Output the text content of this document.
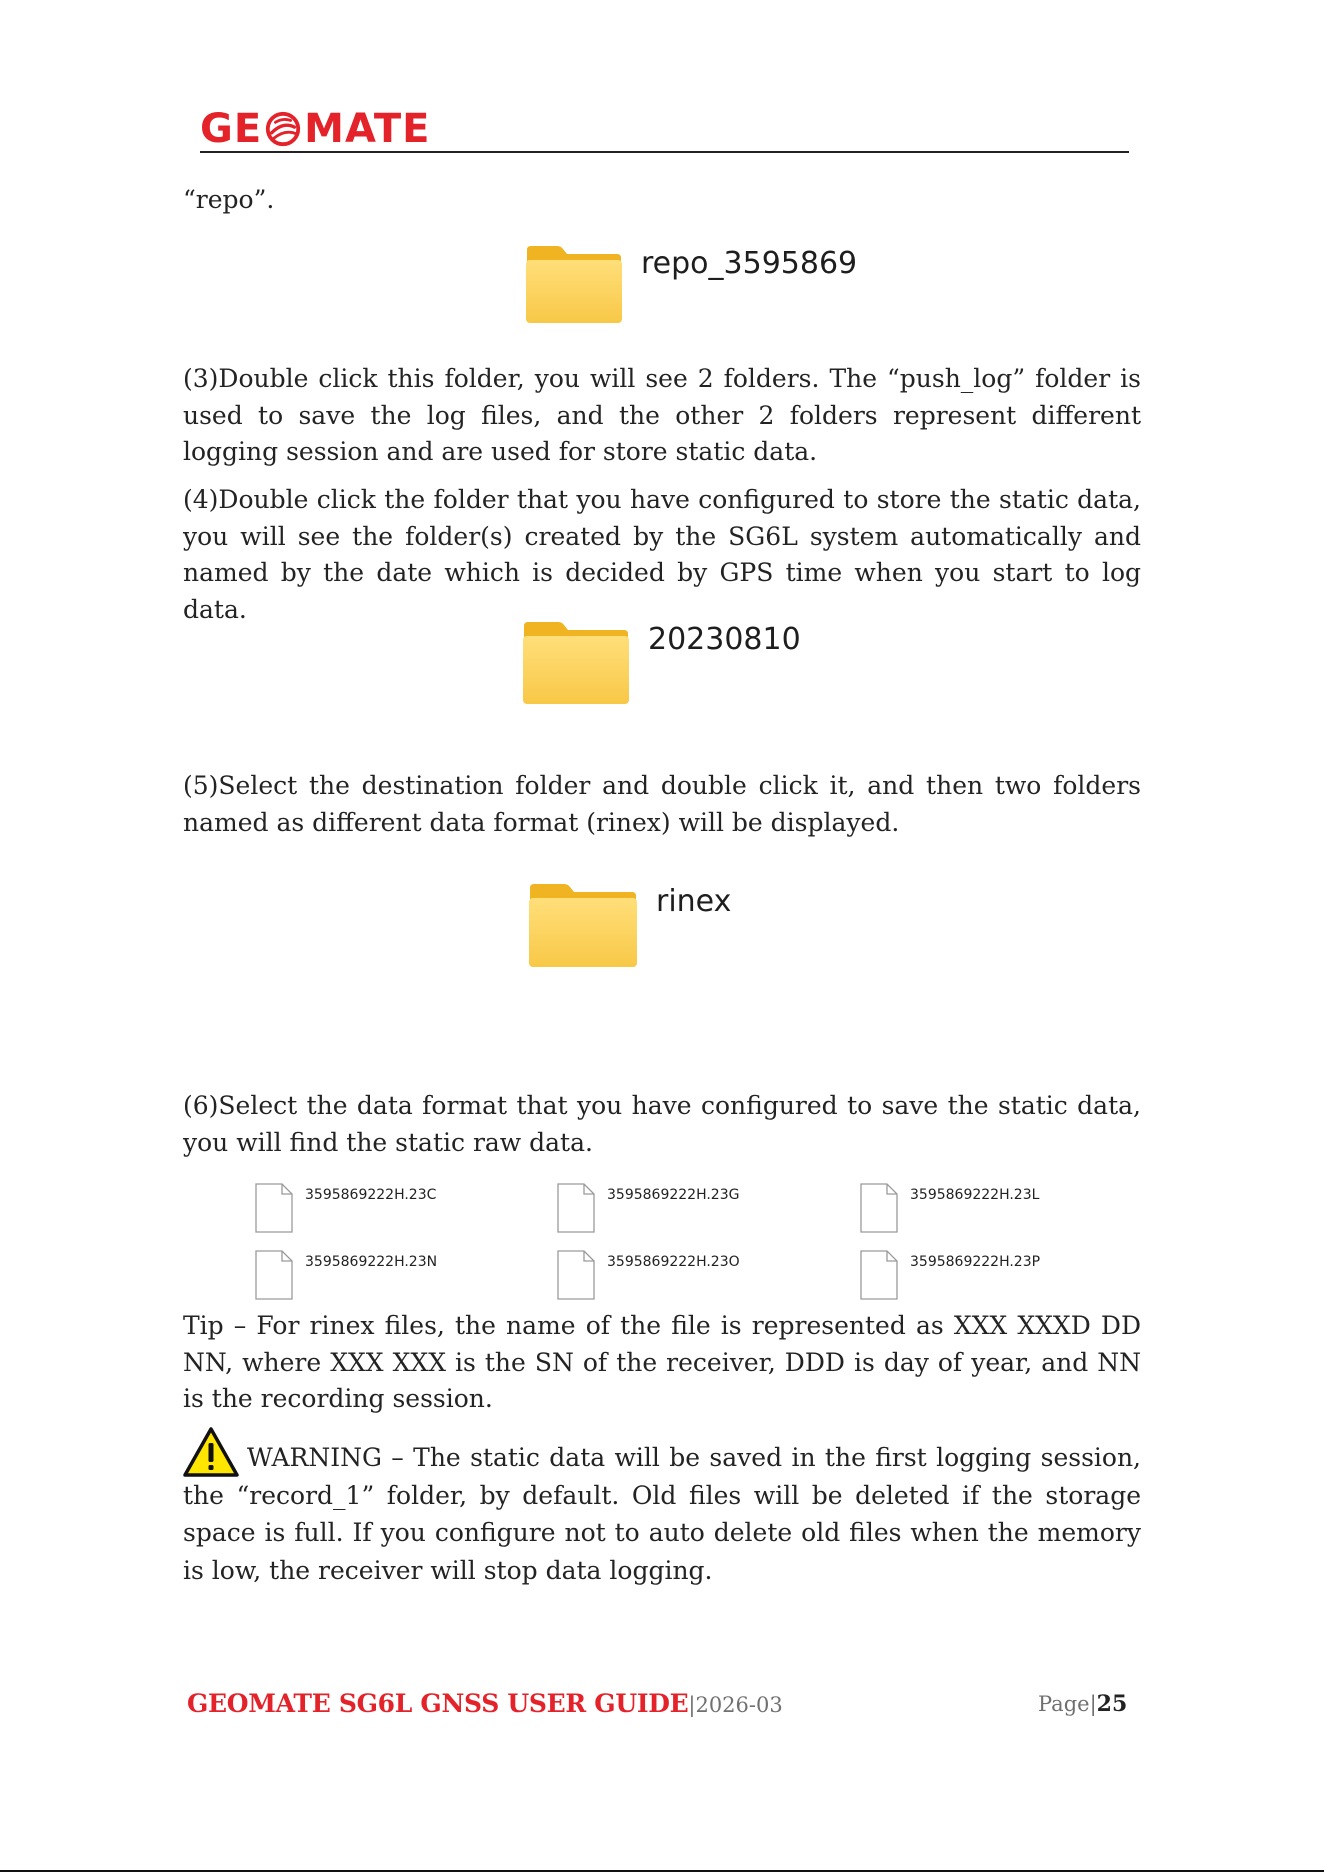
GE MATE

“repo”.

repo_3595869

(3)Double click this folder, you will see 2 folders. The “push_log” folder is used to save the log files, and the other 2 folders represent different logging session and are used for store static data.

(4)Double click the folder that you have configured to store the static data, you will see the folder(s) created by the SG6L system automatically and named by the date which is decided by GPS time when you start to log data.

20230810

(5)Select the destination folder and double click it, and then two folders named as different data format (rinex) will be displayed.

rinex

(6)Select the data format that you have configured to save the static data, you will find the static raw data.

3595869222H.23C	3595869222H.23G	3595869222H.23L
3595869222H.23N	3595869222H.23O	3595869222H.23P

Tip – For rinex files, the name of the file is represented as XXX XXXD DD NN, where XXX XXX is the SN of the receiver, DDD is day of year, and NN is the recording session.

WARNING – The static data will be saved in the first logging session, the “record_1” folder, by default. Old files will be deleted if the storage space is full. If you configure not to auto delete old files when the memory is low, the receiver will stop data logging.

GEOMATE SG6L GNSS USER GUIDE|2026-03	Page|25
